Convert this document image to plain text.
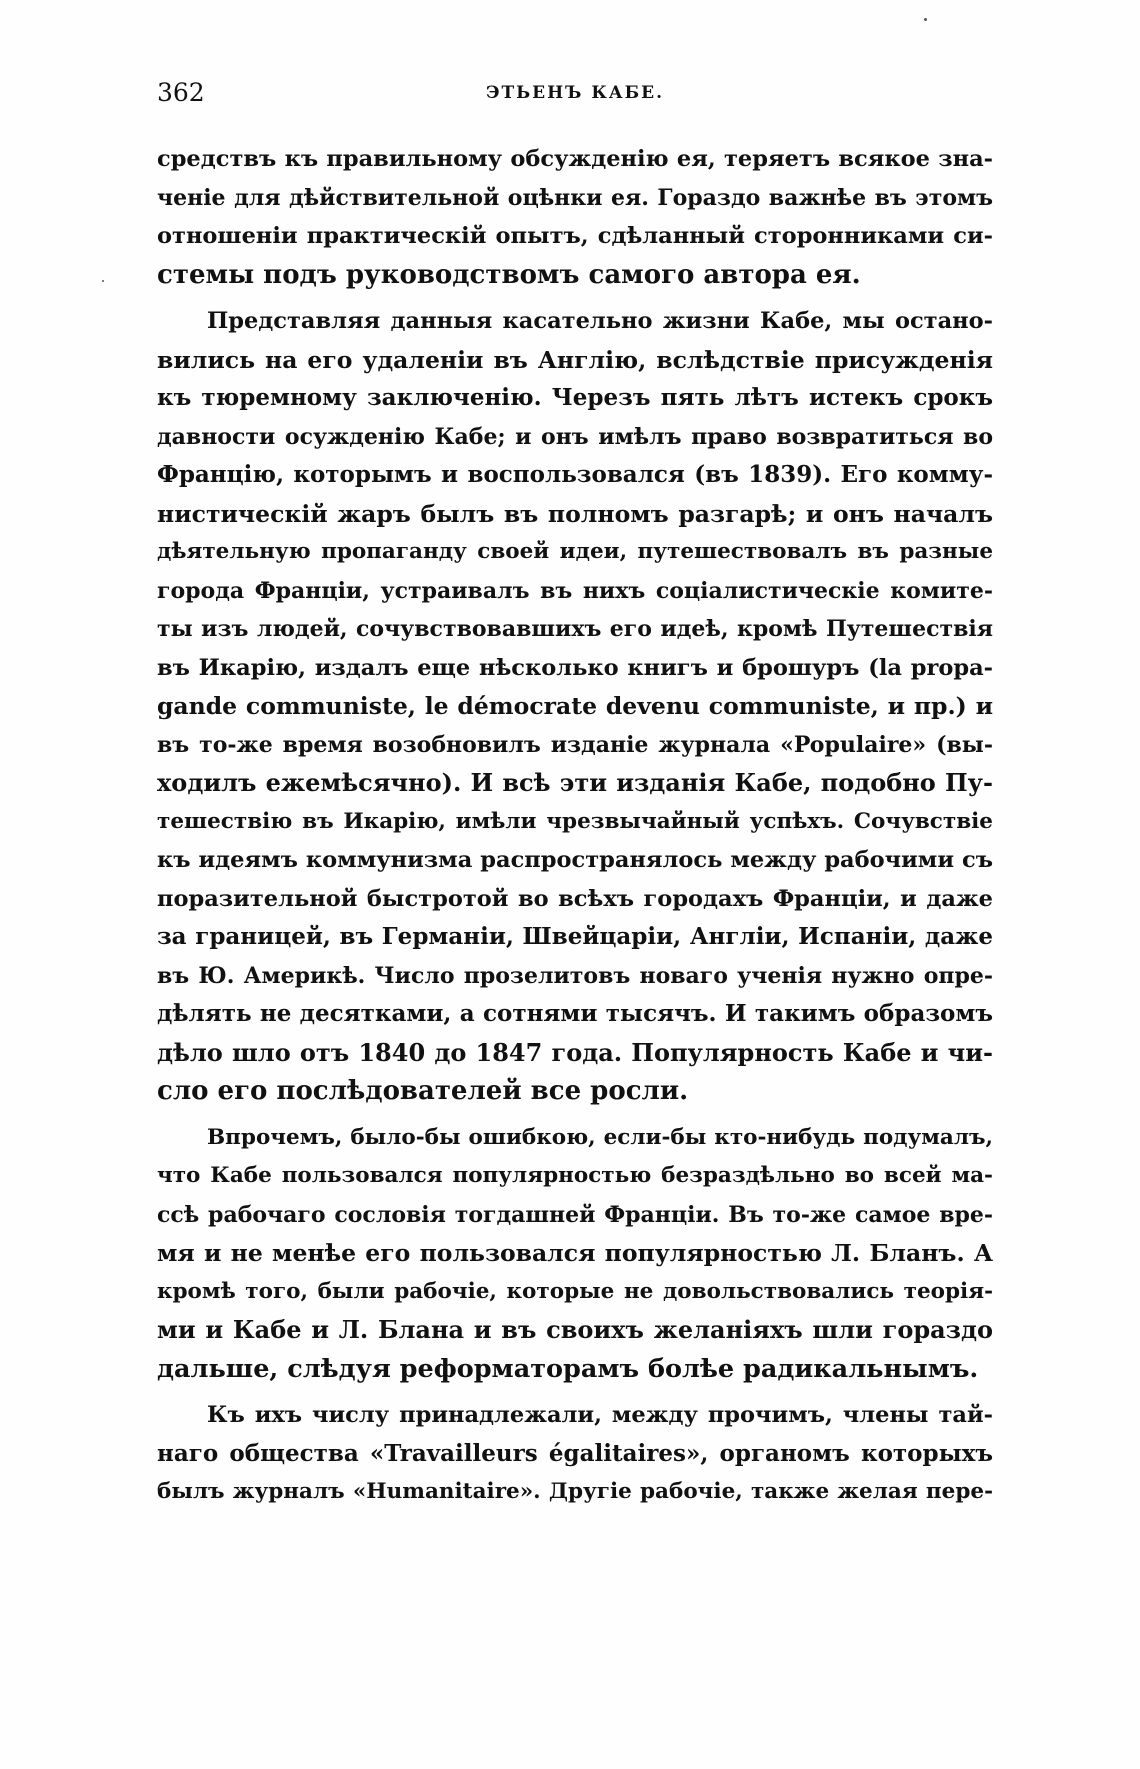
362	ЭТЬЕНЪ КАБЕ.
средствъ къ правильному обсужденію ея, теряетъ всякое зна-
ченіе для дѣйствительной оцѣнки ея. Гораздо важнѣе въ этомъ
отношеніи практическій опытъ, сдѣланный сторонниками си-
стемы подъ руководствомъ самого автора ея.
Представляя данныя касательно жизни Кабе, мы остано-
вились на его удаленіи въ Англію, вслѣдствіе присужденія
къ тюремному заключенію. Черезъ пять лѣтъ истекъ срокъ
давности осужденію Кабе; и онъ имѣлъ право возвратиться во
Францію, которымъ и воспользовался (въ 1839). Его комму-
нистическій жаръ былъ въ полномъ разгарѣ; и онъ началъ
дѣятельную пропаганду своей идеи, путешествовалъ въ разные
города Франціи, устраивалъ въ нихъ соціалистическіе комите-
ты изъ людей, сочувствовавшихъ его идеѣ, кромѣ Путешествія
въ Икарію, издалъ еще нѣсколько книгъ и брошуръ (la propa-
gande communiste, le démocrate devenu communiste, и пр.) и
въ то-же время возобновилъ изданіе журнала «Populaire» (вы-
ходилъ ежемѣсячно). И всѣ эти изданія Кабе, подобно Пу-
тешествію въ Икарію, имѣли чрезвычайный успѣхъ. Сочувствіе
къ идеямъ коммунизма распространялось между рабочими съ
поразительной быстротой во всѣхъ городахъ Франціи, и даже
за границей, въ Германіи, Швейцаріи, Англіи, Испаніи, даже
въ Ю. Америкѣ. Число прозелитовъ новаго ученія нужно опре-
дѣлять не десятками, а сотнями тысячъ. И такимъ образомъ
дѣло шло отъ 1840 до 1847 года. Популярность Кабе и чи-
сло его послѣдователей все росли.
Впрочемъ, было-бы ошибкою, если-бы кто-нибудь подумалъ,
что Кабе пользовался популярностью безраздѣльно во всей ма-
ссѣ рабочаго сословія тогдашней Франціи. Въ то-же самое вре-
мя и не менѣе его пользовался популярностью Л. Бланъ. А
кромѣ того, были рабочіе, которые не довольствовались теорія-
ми и Кабе и Л. Блана и въ своихъ желаніяхъ шли гораздо
дальше, слѣдуя реформаторамъ болѣе радикальнымъ.
Къ ихъ числу принадлежали, между прочимъ, члены тай-
наго общества «Travailleurs égalitaires», органомъ которыхъ
былъ журналъ «Humanitaire». Другіе рабочіе, также желая пере-
